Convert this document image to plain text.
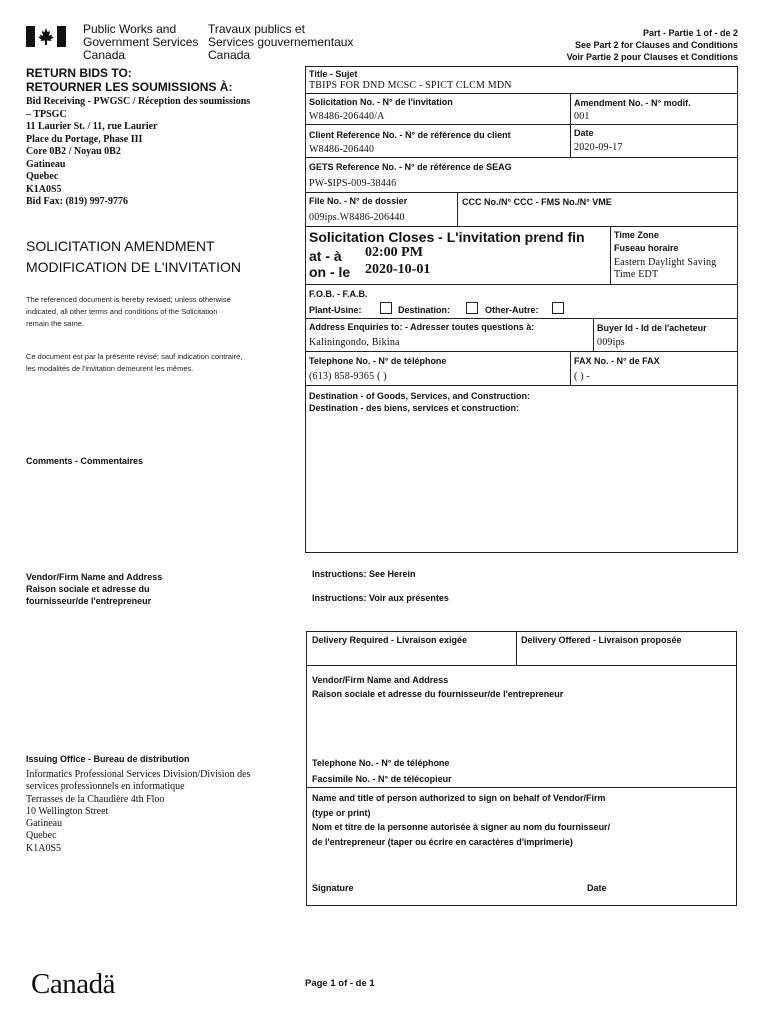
Public Works and
Government Services
Canada
Travaux publics et
Services gouvernementaux
Canada
Part - Partie 1 of - de 2
See Part 2 for Clauses and Conditions
Voir Partie 2 pour Clauses et Conditions
RETURN BIDS TO:
RETOURNER LES SOUMISSIONS À:
Bid Receiving - PWGSC / Réception des soumissions
– TPSGC
11 Laurier St. / 11, rue Laurier
Place du Portage, Phase III
Core 0B2 / Noyau 0B2
Gatineau
Quebec
K1A0S5
Bid Fax: (819) 997-9776
SOLICITATION AMENDMENT
MODIFICATION DE L'INVITATION
The referenced document is hereby revised; unless otherwise
indicated, all other terms and conditions of the Solicitation
remain the same.
Ce document est par la présente révisé; sauf indication contraire,
les modalités de l'invitation demeurent les mêmes.
Comments - Commentaires
Vendor/Firm Name and Address
Raison sociale et adresse du
fournisseur/de l'entrepreneur
Issuing Office - Bureau de distribution
Informatics Professional Services Division/Division des
services professionnels en informatique
Terrasses de la Chaudière 4th Floo
10 Wellington Street
Gatineau
Quebec
K1A0S5
Title - Sujet
TBIPS FOR DND MCSC - SPICT CLCM MDN
Solicitation No. - N° de l'invitation
W8486-206440/A
Amendment No. - N° modif.
001
Client Reference No. - N° de référence du client
W8486-206440
Date
2020-09-17
GETS Reference No. - N° de référence de SEAG
PW-$IPS-009-38446
File No. - N° de dossier
009ips.W8486-206440
CCC No./N° CCC - FMS No./N° VME
Solicitation Closes - L'invitation prend fin
at - à 02:00 PM
on - le 2020-10-01
Time Zone
Fuseau horaire
Eastern Daylight Saving
Time EDT
F.O.B. - F.A.B.
Plant-Usine:	Destination:	Other-Autre:
Address Enquiries to: - Adresser toutes questions à:
Kaliningondo, Bikina
Buyer Id - Id de l'acheteur
009ips
Telephone No. - N° de téléphone
(613) 858-9365 ( )
FAX No. - N° de FAX
( ) -
Destination - of Goods, Services, and Construction:
Destination - des biens, services et construction:
Instructions: See Herein
Instructions: Voir aux présentes
Delivery Required - Livraison exigée	Delivery Offered - Livraison proposée
Vendor/Firm Name and Address
Raison sociale et adresse du fournisseur/de l'entrepreneur
Telephone No. - N° de téléphone
Facsimile No. - N° de télécopieur
Name and title of person authorized to sign on behalf of Vendor/Firm
(type or print)
Nom et titre de la personne autorisée à signer au nom du fournisseur/
de l'entrepreneur (taper ou écrire en caractères d'imprimerie)
Signature	Date
Canadä	Page 1 of - de 1
